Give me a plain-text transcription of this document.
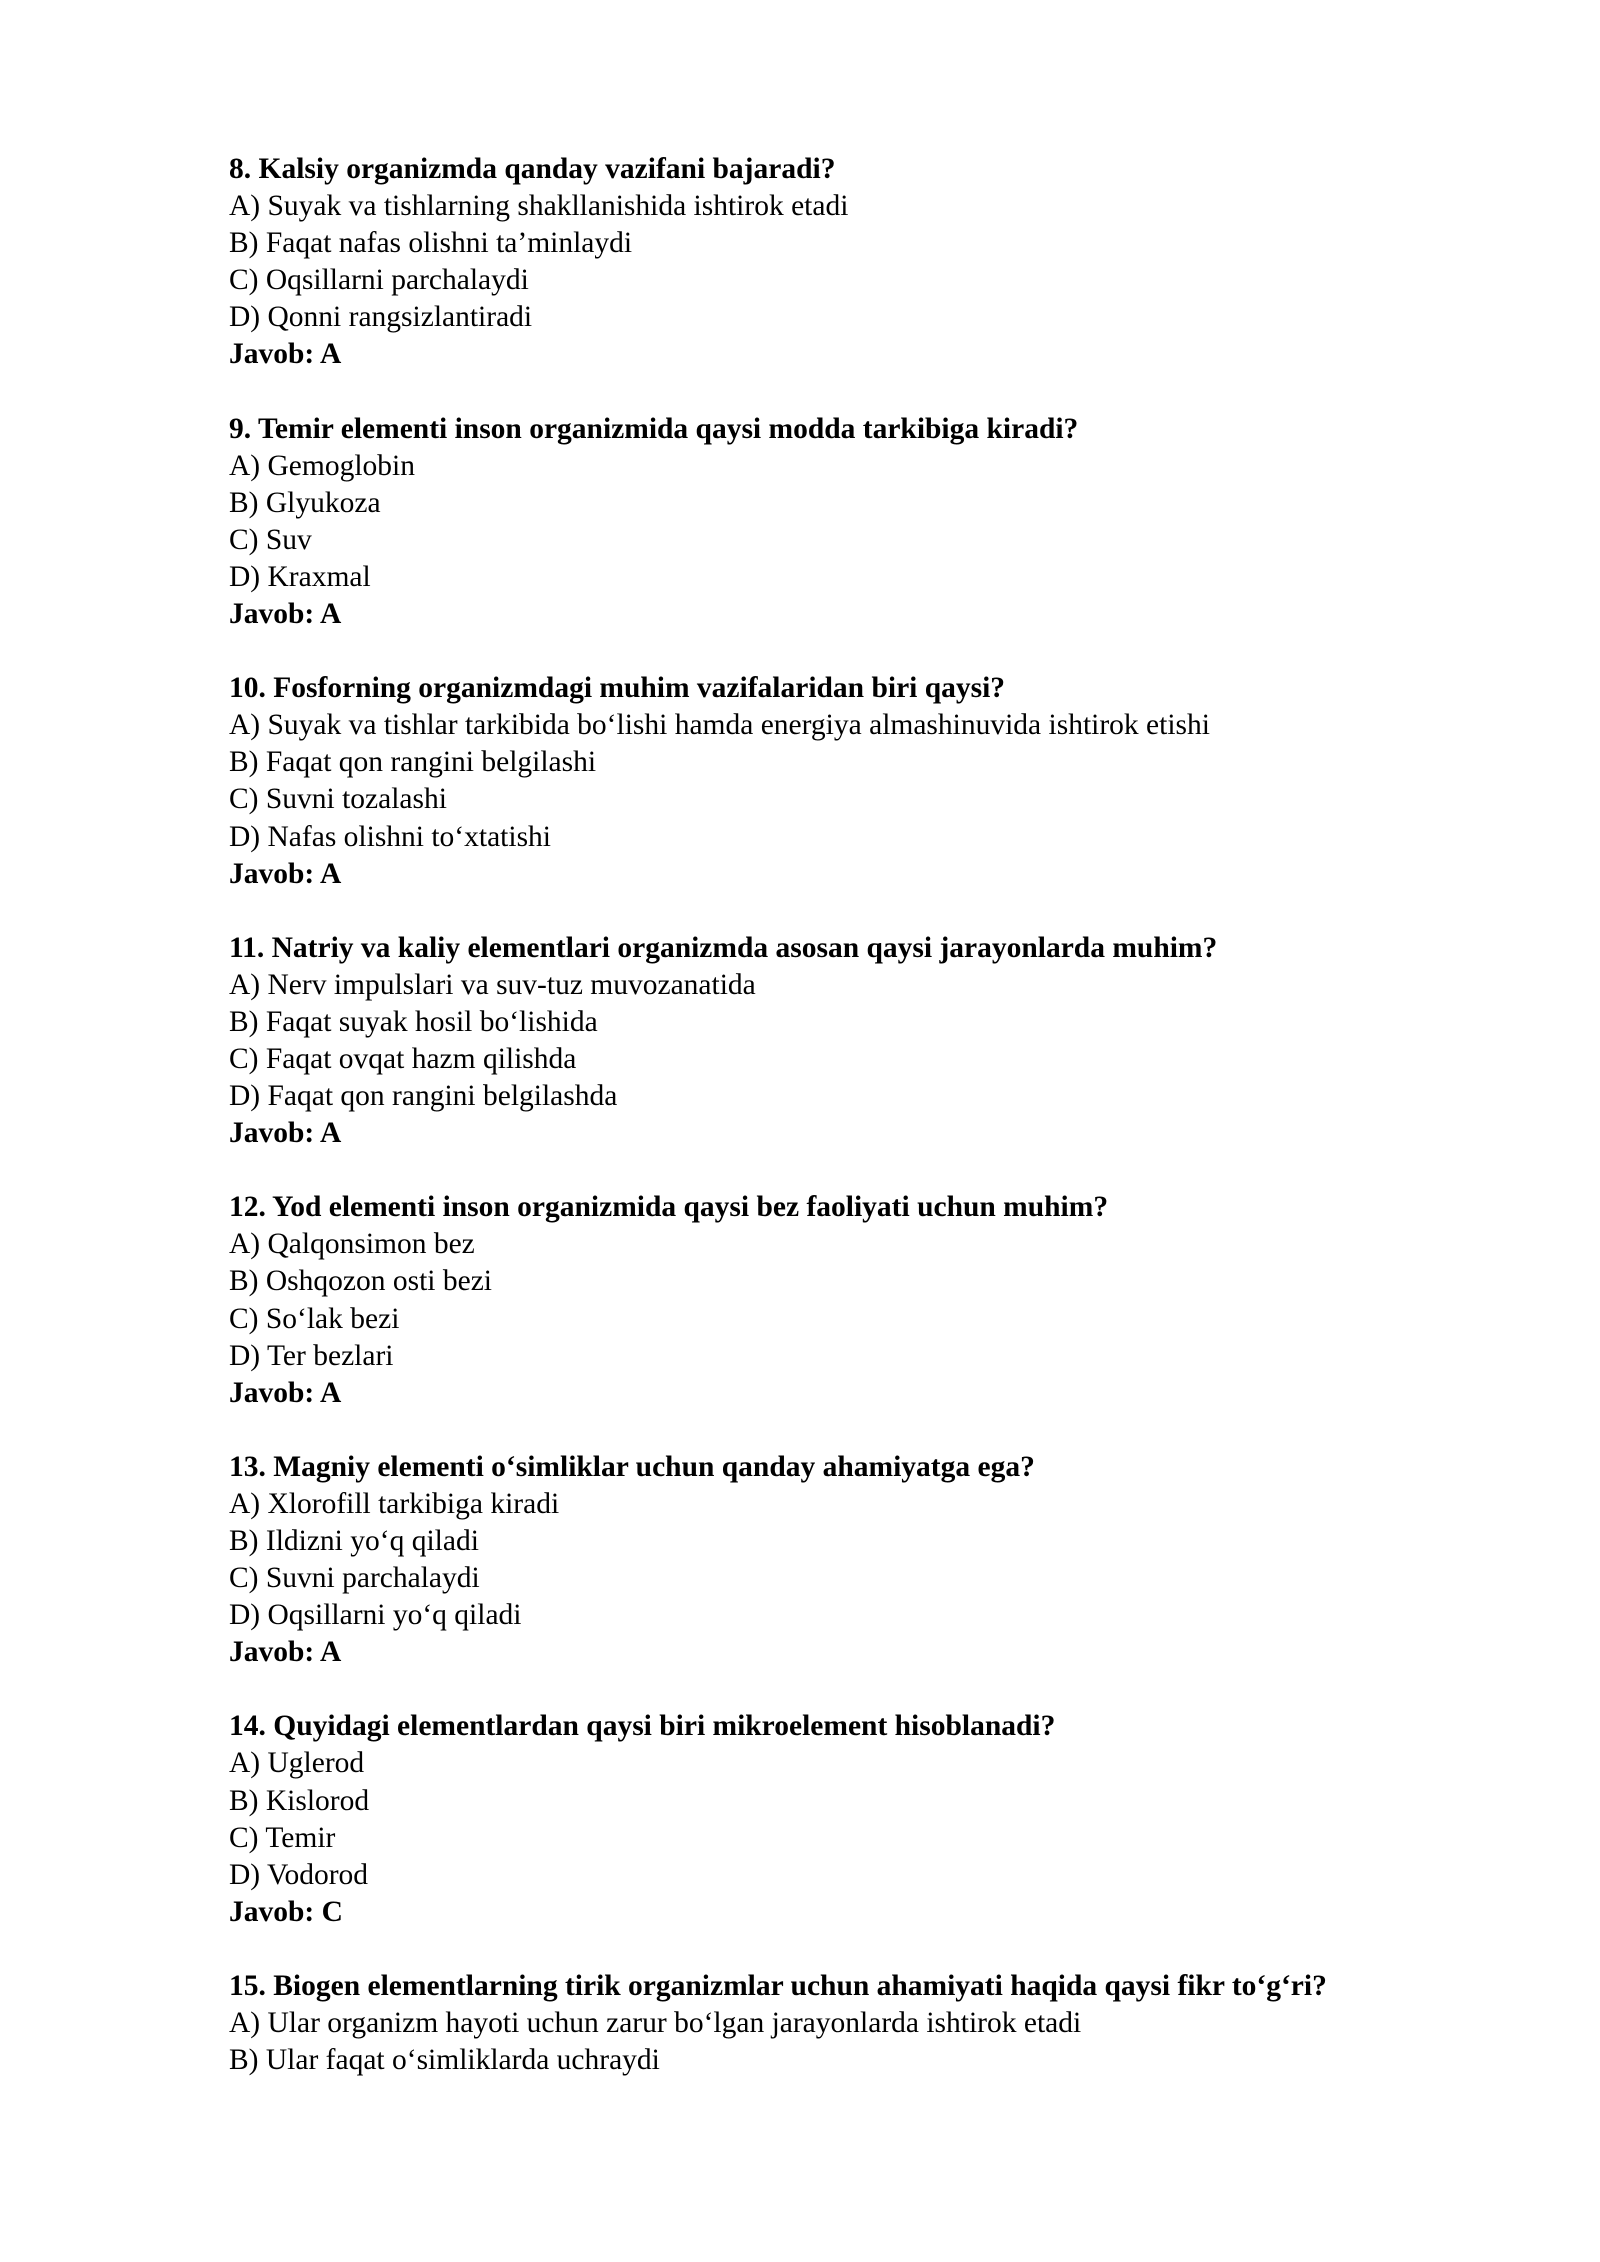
8. Kalsiy organizmda qanday vazifani bajaradi?
A) Suyak va tishlarning shakllanishida ishtirok etadi
B) Faqat nafas olishni ta’minlaydi
C) Oqsillarni parchalaydi
D) Qonni rangsizlantiradi
Javob: A
9. Temir elementi inson organizmida qaysi modda tarkibiga kiradi?
A) Gemoglobin
B) Glyukoza
C) Suv
D) Kraxmal
Javob: A
10. Fosforning organizmdagi muhim vazifalaridan biri qaysi?
A) Suyak va tishlar tarkibida bo‘lishi hamda energiya almashinuvida ishtirok etishi
B) Faqat qon rangini belgilashi
C) Suvni tozalashi
D) Nafas olishni to‘xtatishi
Javob: A
11. Natriy va kaliy elementlari organizmda asosan qaysi jarayonlarda muhim?
A) Nerv impulslari va suv-tuz muvozanatida
B) Faqat suyak hosil bo‘lishida
C) Faqat ovqat hazm qilishda
D) Faqat qon rangini belgilashda
Javob: A
12. Yod elementi inson organizmida qaysi bez faoliyati uchun muhim?
A) Qalqonsimon bez
B) Oshqozon osti bezi
C) So‘lak bezi
D) Ter bezlari
Javob: A
13. Magniy elementi o‘simliklar uchun qanday ahamiyatga ega?
A) Xlorofill tarkibiga kiradi
B) Ildizni yo‘q qiladi
C) Suvni parchalaydi
D) Oqsillarni yo‘q qiladi
Javob: A
14. Quyidagi elementlardan qaysi biri mikroelement hisoblanadi?
A) Uglerod
B) Kislorod
C) Temir
D) Vodorod
Javob: C
15. Biogen elementlarning tirik organizmlar uchun ahamiyati haqida qaysi fikr to‘g‘ri?
A) Ular organizm hayoti uchun zarur bo‘lgan jarayonlarda ishtirok etadi
B) Ular faqat o‘simliklarda uchraydi
